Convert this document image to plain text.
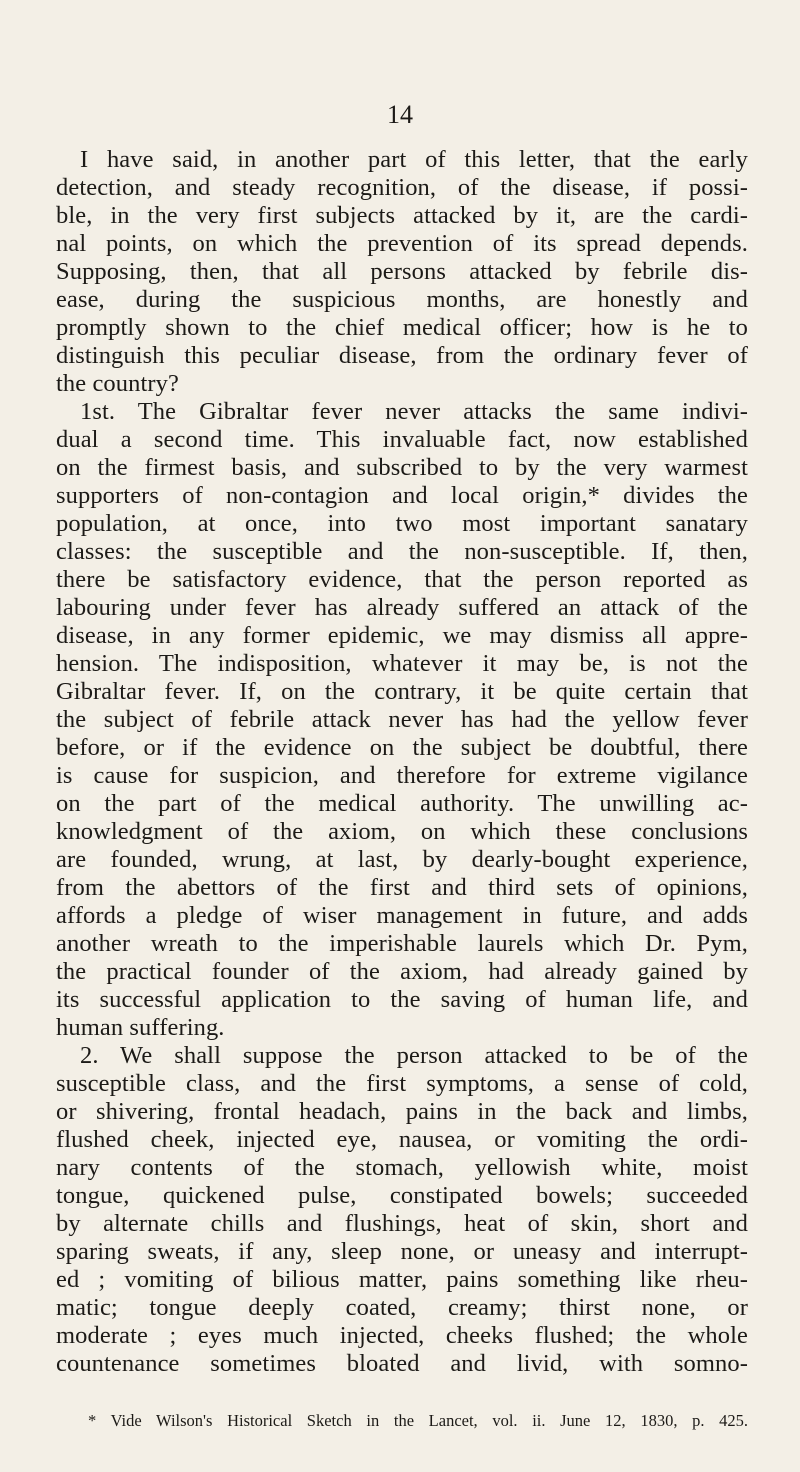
14
I have said, in another part of this letter, that the early
detection, and steady recognition, of the disease, if possi-
ble, in the very first subjects attacked by it, are the cardi-
nal points, on which the prevention of its spread depends.
Supposing, then, that all persons attacked by febrile dis-
ease, during the suspicious months, are honestly and
promptly shown to the chief medical officer; how is he to
distinguish this peculiar disease, from the ordinary fever of
the country?
1st. The Gibraltar fever never attacks the same indivi-
dual a second time. This invaluable fact, now established
on the firmest basis, and subscribed to by the very warmest
supporters of non-contagion and local origin,* divides the
population, at once, into two most important sanatary
classes: the susceptible and the non-susceptible. If, then,
there be satisfactory evidence, that the person reported as
labouring under fever has already suffered an attack of the
disease, in any former epidemic, we may dismiss all appre-
hension. The indisposition, whatever it may be, is not the
Gibraltar fever. If, on the contrary, it be quite certain that
the subject of febrile attack never has had the yellow fever
before, or if the evidence on the subject be doubtful, there
is cause for suspicion, and therefore for extreme vigilance
on the part of the medical authority. The unwilling ac-
knowledgment of the axiom, on which these conclusions
are founded, wrung, at last, by dearly-bought experience,
from the abettors of the first and third sets of opinions,
affords a pledge of wiser management in future, and adds
another wreath to the imperishable laurels which Dr. Pym,
the practical founder of the axiom, had already gained by
its successful application to the saving of human life, and
human suffering.
2. We shall suppose the person attacked to be of the
susceptible class, and the first symptoms, a sense of cold,
or shivering, frontal headach, pains in the back and limbs,
flushed cheek, injected eye, nausea, or vomiting the ordi-
nary contents of the stomach, yellowish white, moist
tongue, quickened pulse, constipated bowels; succeeded
by alternate chills and flushings, heat of skin, short and
sparing sweats, if any, sleep none, or uneasy and interrupt-
ed ; vomiting of bilious matter, pains something like rheu-
matic; tongue deeply coated, creamy; thirst none, or
moderate ; eyes much injected, cheeks flushed; the whole
countenance sometimes bloated and livid, with somno-
* Vide Wilson's Historical Sketch in the Lancet, vol. ii. June 12, 1830, p. 425.
